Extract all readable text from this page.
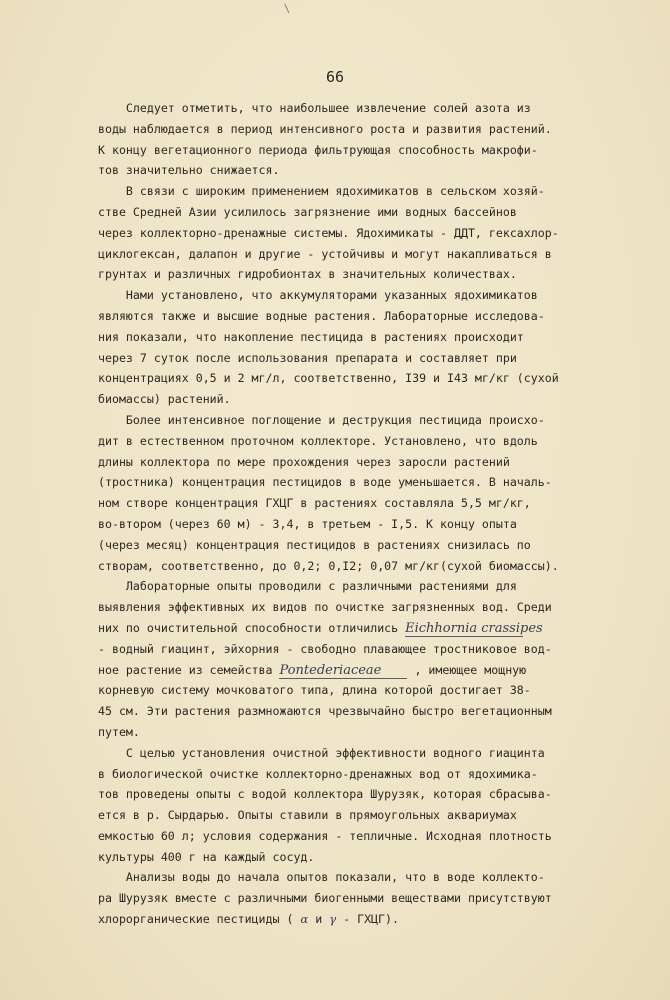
66
Следует отметить, что наибольшее извлечение солей азота из
воды наблюдается в период интенсивного роста и развития растений.
К концу вегетационного периода фильтрующая способность макрофи-
тов значительно снижается.
В связи с широким применением ядохимикатов в сельском хозяй-
стве Средней Азии усилилось загрязнение ими водных бассейнов
через коллекторно-дренажные системы. Ядохимикаты - ДДТ, гексахлор-
циклогексан, далапон и другие - устойчивы и могут накапливаться в
грунтах и различных гидробионтах в значительных количествах.
Нами установлено, что аккумуляторами указанных ядохимикатов
являются также и высшие водные растения. Лабораторные исследова-
ния показали, что накопление пестицида в растениях происходит
через 7 суток после использования препарата и составляет при
концентрациях 0,5 и 2 мг/л, соответственно, I39 и I43 мг/кг (сухой
биомассы) растений.
Более интенсивное поглощение и деструкция пестицида происхо-
дит в естественном проточном коллекторе. Установлено, что вдоль
длины коллектора по мере прохождения через заросли растений
(тростника) концентрация пестицидов в воде уменьшается. В началь-
ном створе концентрация ГХЦГ в растениях составляла 5,5 мг/кг,
во-втором (через 60 м) - 3,4, в третьем - I,5. К концу опыта
(через месяц) концентрация пестицидов в растениях снизилась по
створам, соответственно, до 0,2; 0,I2; 0,07 мг/кг(сухой биомассы).
Лабораторные опыты проводили с различными растениями для
выявления эффективных их видов по очистке загрязненных вод. Среди
них по очистительной способности отличились Eichhornia crassipes
- водный гиацинт, эйхорния - свободно плавающее тростниковое вод-
ное растение из семейства Pontederiaceae , имеющее мощную
корневую систему мочковатого типа, длина которой достигает 38-
45 см. Эти растения размножаются чрезвычайно быстро вегетационным
путем.
С целью установления очистной эффективности водного гиацинта
в биологической очистке коллекторно-дренажных вод от ядохимика-
тов проведены опыты с водой коллектора Шурузяк, которая сбрасыва-
ется в р. Сырдарью. Опыты ставили в прямоугольных аквариумах
емкостью 60 л; условия содержания - тепличные. Исходная плотность
культуры 400 г на каждый сосуд.
Анализы воды до начала опытов показали, что в воде коллекто-
ра Шурузяк вместе с различными биогенными веществами присутствуют
хлорорганические пестициды ( α и γ - ГХЦГ).
